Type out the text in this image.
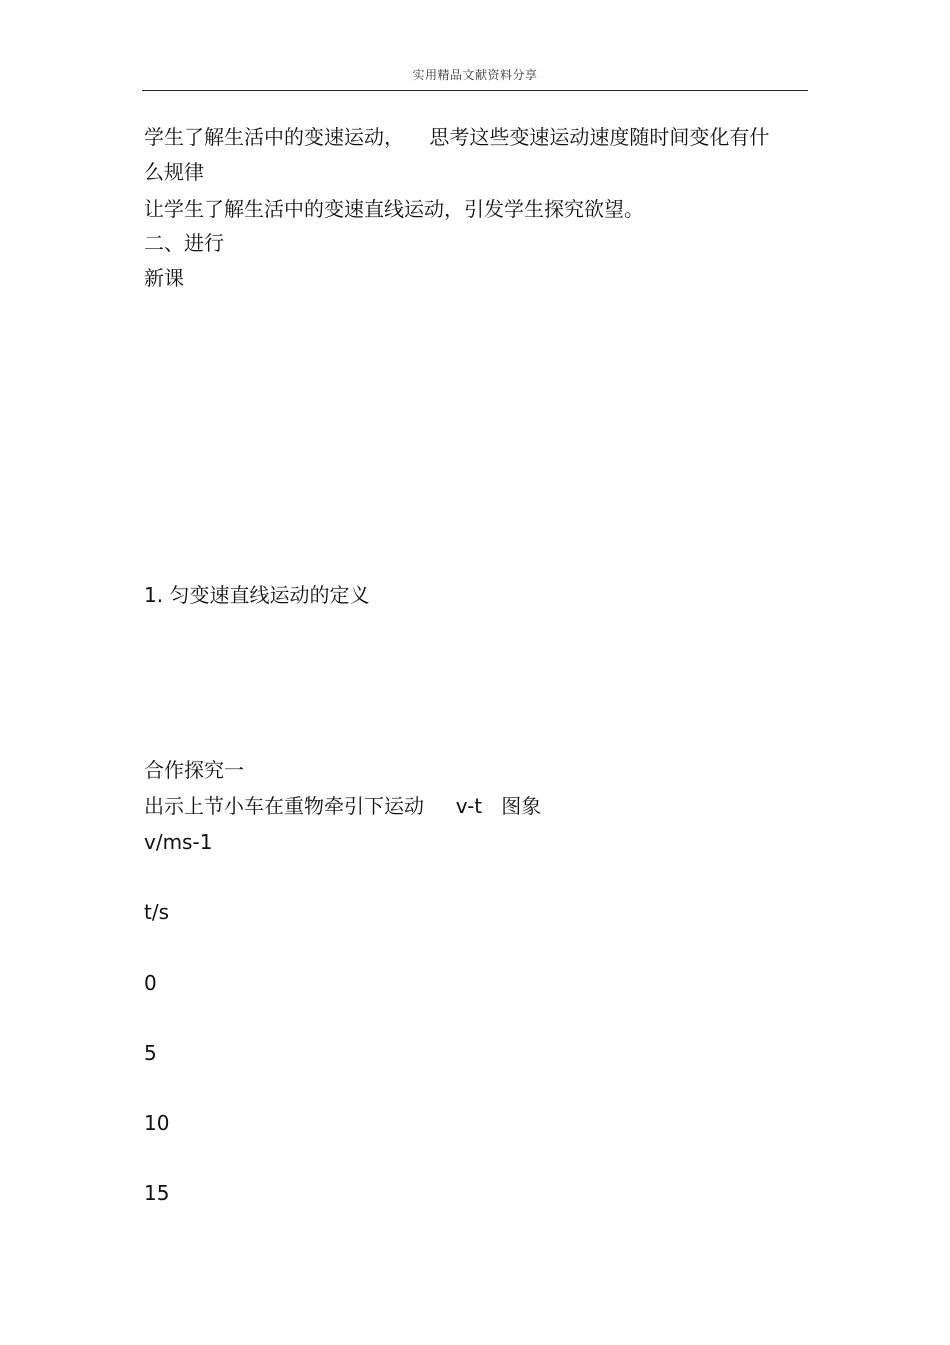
实用精品文献资料分享
学生了解生活中的变速运动，    思考这些变速运动速度随时间变化有什
么规律
让学生了解生活中的变速直线运动，引发学生探究欲望。
二、进行
新课
1. 匀变速直线运动的定义
合作探究一
出示上节小车在重物牵引下运动     v-t   图象
v/ms-1
t/s
0
5
10
15
